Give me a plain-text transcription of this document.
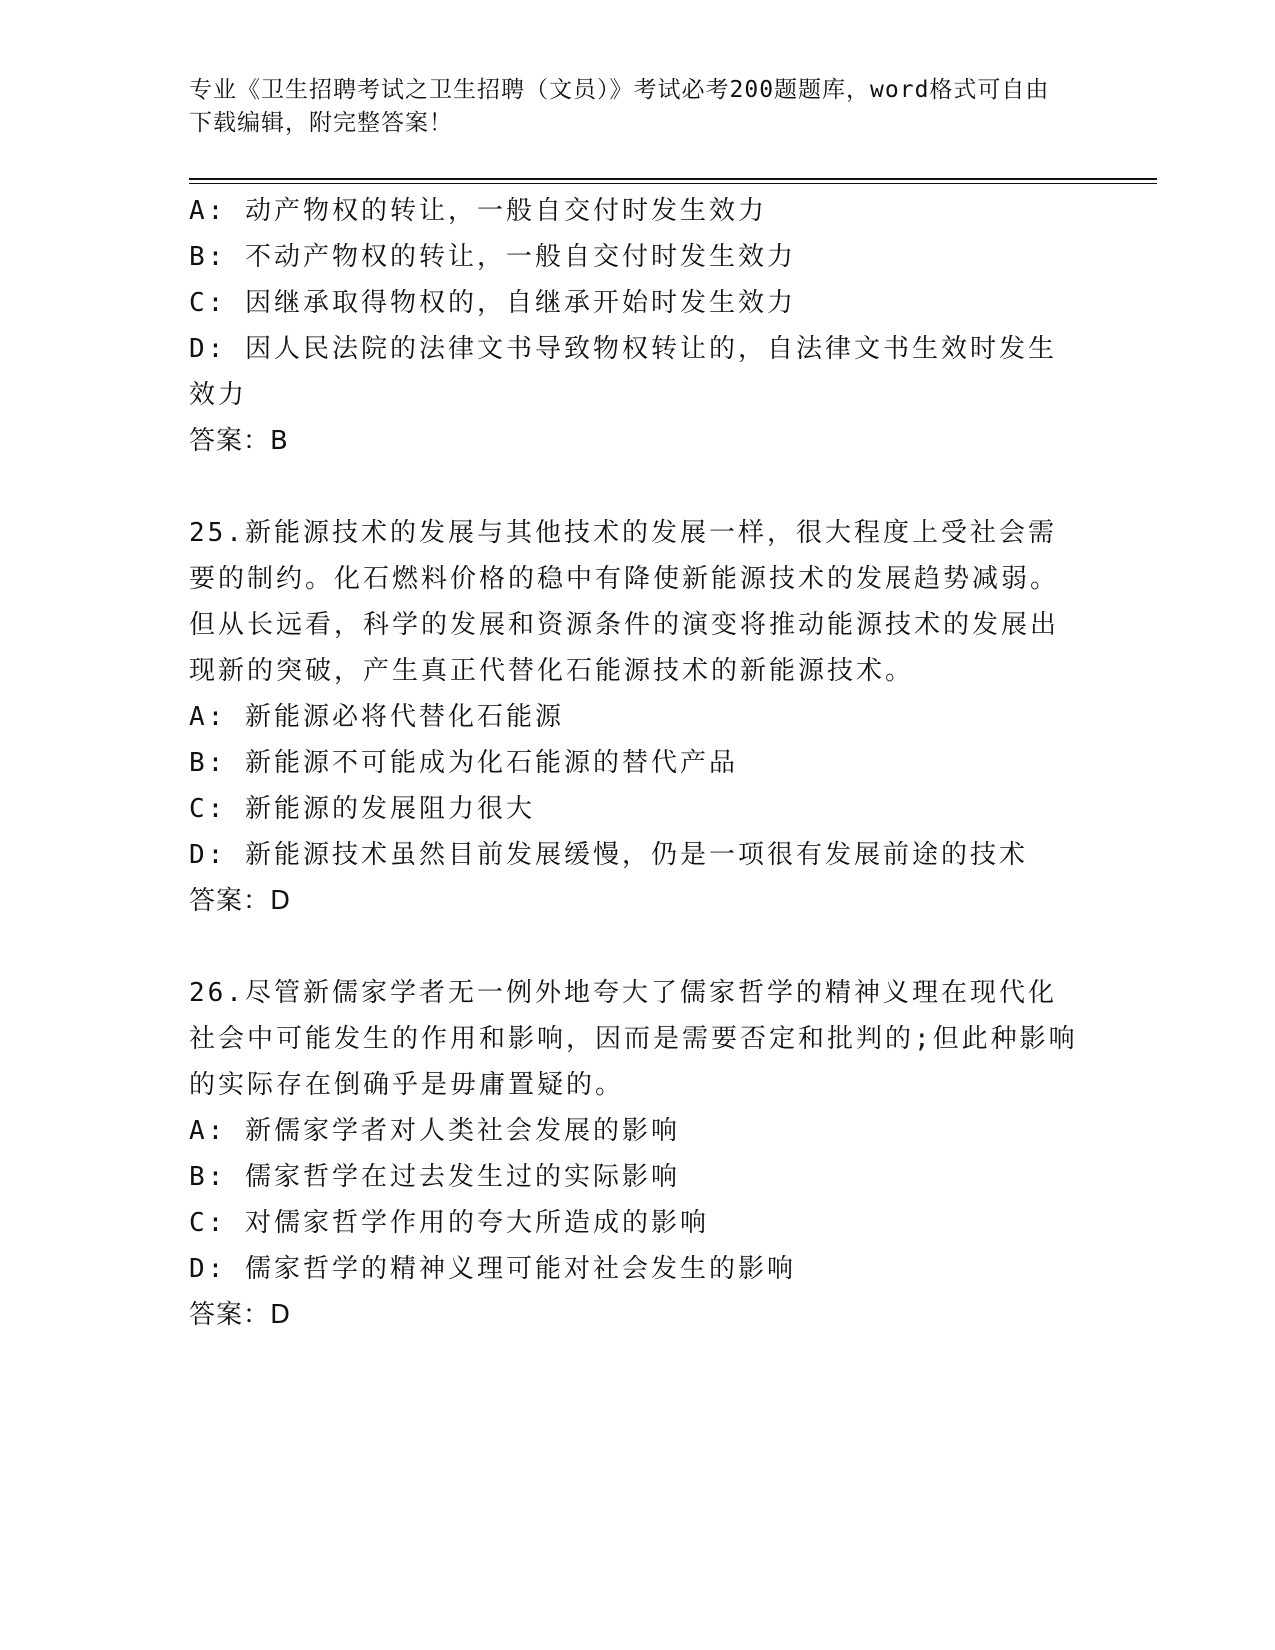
专业《卫生招聘考试之卫生招聘（文员）》考试必考200题题库，word格式可自由下载编辑，附完整答案！
A: 动产物权的转让，一般自交付时发生效力
B: 不动产物权的转让，一般自交付时发生效力
C: 因继承取得物权的，自继承开始时发生效力
D: 因人民法院的法律文书导致物权转让的，自法律文书生效时发生效力
答案：B
25.新能源技术的发展与其他技术的发展一样，很大程度上受社会需要的制约。化石燃料价格的稳中有降使新能源技术的发展趋势减弱。但从长远看，科学的发展和资源条件的演变将推动能源技术的发展出现新的突破，产生真正代替化石能源技术的新能源技术。
A: 新能源必将代替化石能源
B: 新能源不可能成为化石能源的替代产品
C: 新能源的发展阻力很大
D: 新能源技术虽然目前发展缓慢，仍是一项很有发展前途的技术
答案：D
26.尽管新儒家学者无一例外地夸大了儒家哲学的精神义理在现代化社会中可能发生的作用和影响，因而是需要否定和批判的;但此种影响的实际存在倒确乎是毋庸置疑的。
A: 新儒家学者对人类社会发展的影响
B: 儒家哲学在过去发生过的实际影响
C: 对儒家哲学作用的夸大所造成的影响
D: 儒家哲学的精神义理可能对社会发生的影响
答案：D
